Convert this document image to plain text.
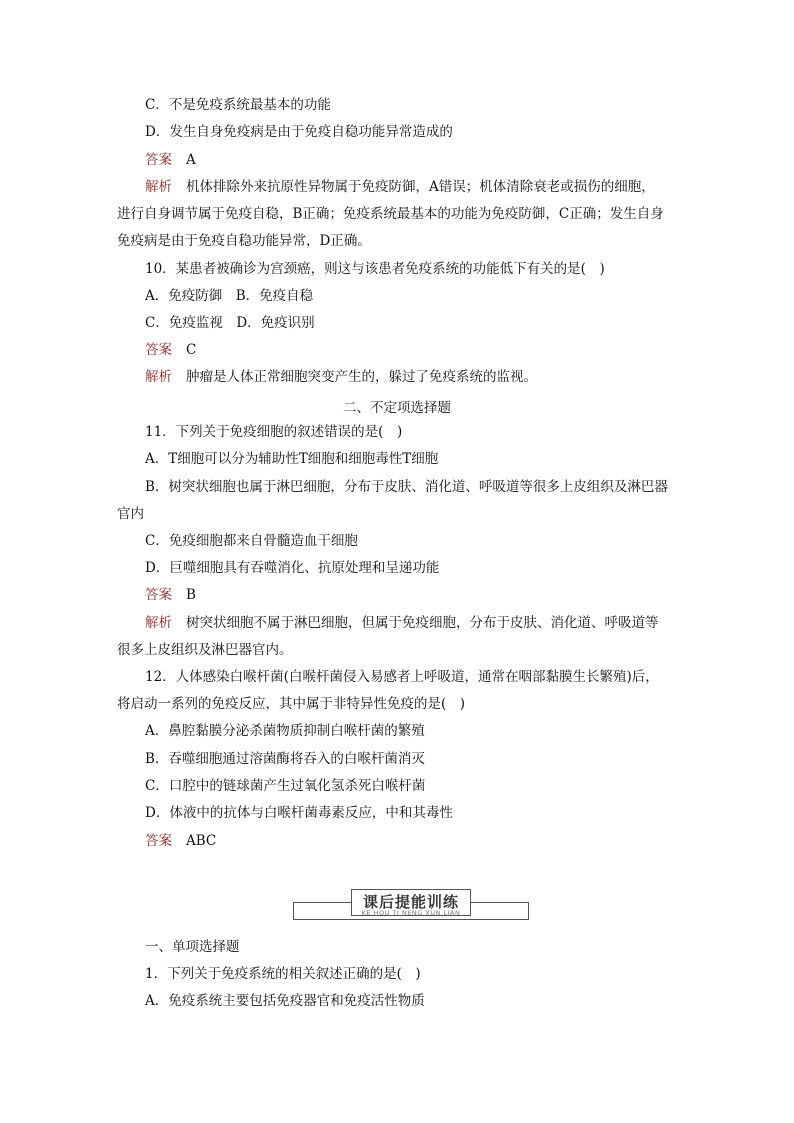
C．不是免疫系统最基本的功能
D．发生自身免疫病是由于免疫自稳功能异常造成的
答案 A
解析 机体排除外来抗原性异物属于免疫防御，A错误；机体清除衰老或损伤的细胞，
进行自身调节属于免疫自稳，B正确；免疫系统最基本的功能为免疫防御，C正确；发生自身
免疫病是由于免疫自稳功能异常，D正确。
10．某患者被确诊为宫颈癌，则这与该患者免疫系统的功能低下有关的是(　)
A．免疫防御　B．免疫自稳
C．免疫监视　D．免疫识别
答案 C
解析 肿瘤是人体正常细胞突变产生的，躲过了免疫系统的监视。
二、不定项选择题
11．下列关于免疫细胞的叙述错误的是(　)
A．T细胞可以分为辅助性T细胞和细胞毒性T细胞
B．树突状细胞也属于淋巴细胞，分布于皮肤、消化道、呼吸道等很多上皮组织及淋巴器
官内
C．免疫细胞都来自骨髓造血干细胞
D．巨噬细胞具有吞噬消化、抗原处理和呈递功能
答案 B
解析 树突状细胞不属于淋巴细胞，但属于免疫细胞，分布于皮肤、消化道、呼吸道等
很多上皮组织及淋巴器官内。
12．人体感染白喉杆菌(白喉杆菌侵入易感者上呼吸道，通常在咽部黏膜生长繁殖)后，
将启动一系列的免疫反应，其中属于非特异性免疫的是(　)
A．鼻腔黏膜分泌杀菌物质抑制白喉杆菌的繁殖
B．吞噬细胞通过溶菌酶将吞入的白喉杆菌消灭
C．口腔中的链球菌产生过氧化氢杀死白喉杆菌
D．体液中的抗体与白喉杆菌毒素反应，中和其毒性
答案 ABC
课后提能训练
KE HOU TI NENG XUN LIAN
一、单项选择题
1．下列关于免疫系统的相关叙述正确的是(　)
A．免疫系统主要包括免疫器官和免疫活性物质
